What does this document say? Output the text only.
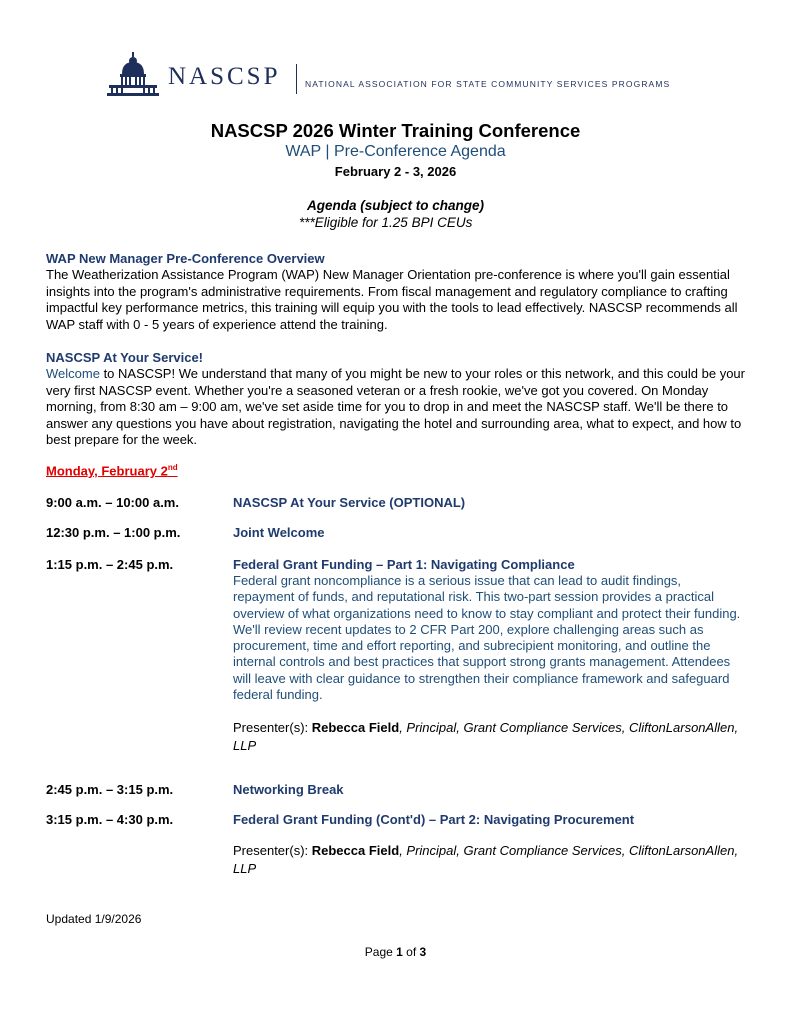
NASCSP	NATIONAL ASSOCIATION FOR STATE COMMUNITY SERVICES PROGRAMS
NASCSP 2026 Winter Training Conference
WAP | Pre-Conference Agenda
February 2 - 3, 2026
Agenda (subject to change)
***Eligible for 1.25 BPI CEUs
WAP New Manager Pre-Conference Overview
The Weatherization Assistance Program (WAP) New Manager Orientation pre-conference is where you'll gain essential insights into the program's administrative requirements. From fiscal management and regulatory compliance to crafting impactful key performance metrics, this training will equip you with the tools to lead effectively. NASCSP recommends all WAP staff with 0 - 5 years of experience attend the training.
NASCSP At Your Service!
Welcome to NASCSP! We understand that many of you might be new to your roles or this network, and this could be your very first NASCSP event. Whether you're a seasoned veteran or a fresh rookie, we've got you covered. On Monday morning, from 8:30 am – 9:00 am, we've set aside time for you to drop in and meet the NASCSP staff. We'll be there to answer any questions you have about registration, navigating the hotel and surrounding area, what to expect, and how to best prepare for the week.
Monday, February 2nd
9:00 a.m. – 10:00 a.m.	NASCSP At Your Service (OPTIONAL)
12:30 p.m. – 1:00 p.m.	Joint Welcome
1:15 p.m. – 2:45 p.m.	Federal Grant Funding – Part 1: Navigating Compliance
Federal grant noncompliance is a serious issue that can lead to audit findings, repayment of funds, and reputational risk. This two-part session provides a practical overview of what organizations need to know to stay compliant and protect their funding. We'll review recent updates to 2 CFR Part 200, explore challenging areas such as procurement, time and effort reporting, and subrecipient monitoring, and outline the internal controls and best practices that support strong grants management. Attendees will leave with clear guidance to strengthen their compliance framework and safeguard federal funding.
Presenter(s): Rebecca Field, Principal, Grant Compliance Services, CliftonLarsonAllen, LLP
2:45 p.m. – 3:15 p.m.	Networking Break
3:15 p.m. – 4:30 p.m.	Federal Grant Funding (Cont'd) – Part 2: Navigating Procurement
Presenter(s): Rebecca Field, Principal, Grant Compliance Services, CliftonLarsonAllen, LLP
Updated 1/9/2026
Page 1 of 3
